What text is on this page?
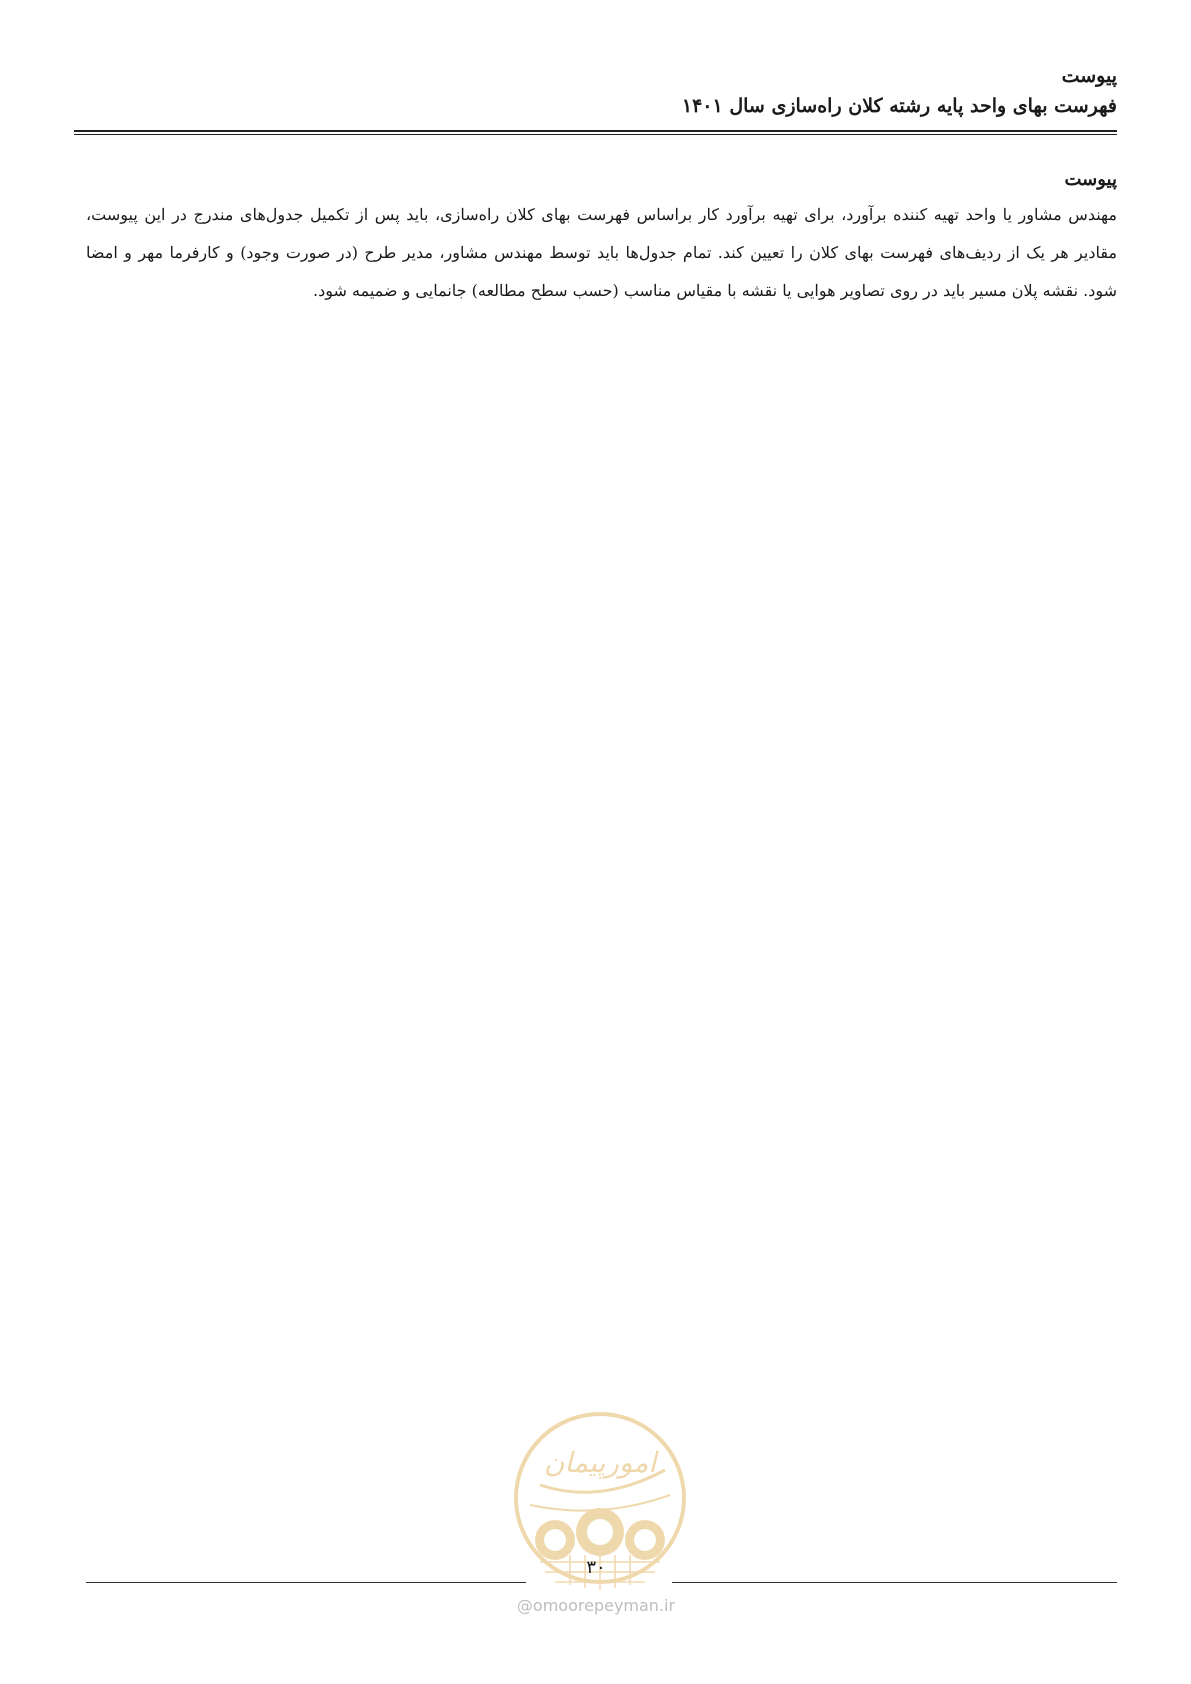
پیوست
فهرست بهای واحد پایه رشته کلان راه‌سازی سال ۱۴۰۱
پیوست
مهندس مشاور یا واحد تهیه کننده برآورد، برای تهیه برآورد کار براساس فهرست بهای کلان راه‌سازی، باید پس از تکمیل جدول‌های مندرج در این پیوست، مقادیر هر یک از ردیف‌های فهرست بهای کلان را تعیین کند. تمام جدول‌ها باید توسط مهندس مشاور، مدیر طرح (در صورت وجود) و کارفرما مهر و امضا شود. نقشه پلان مسیر باید در روی تصاویر هوایی یا نقشه با مقیاس مناسب (حسب سطح مطالعه) جانمایی و ضمیمه شود.
امورپیمان
۳۰
@omoorepeyman.ir
